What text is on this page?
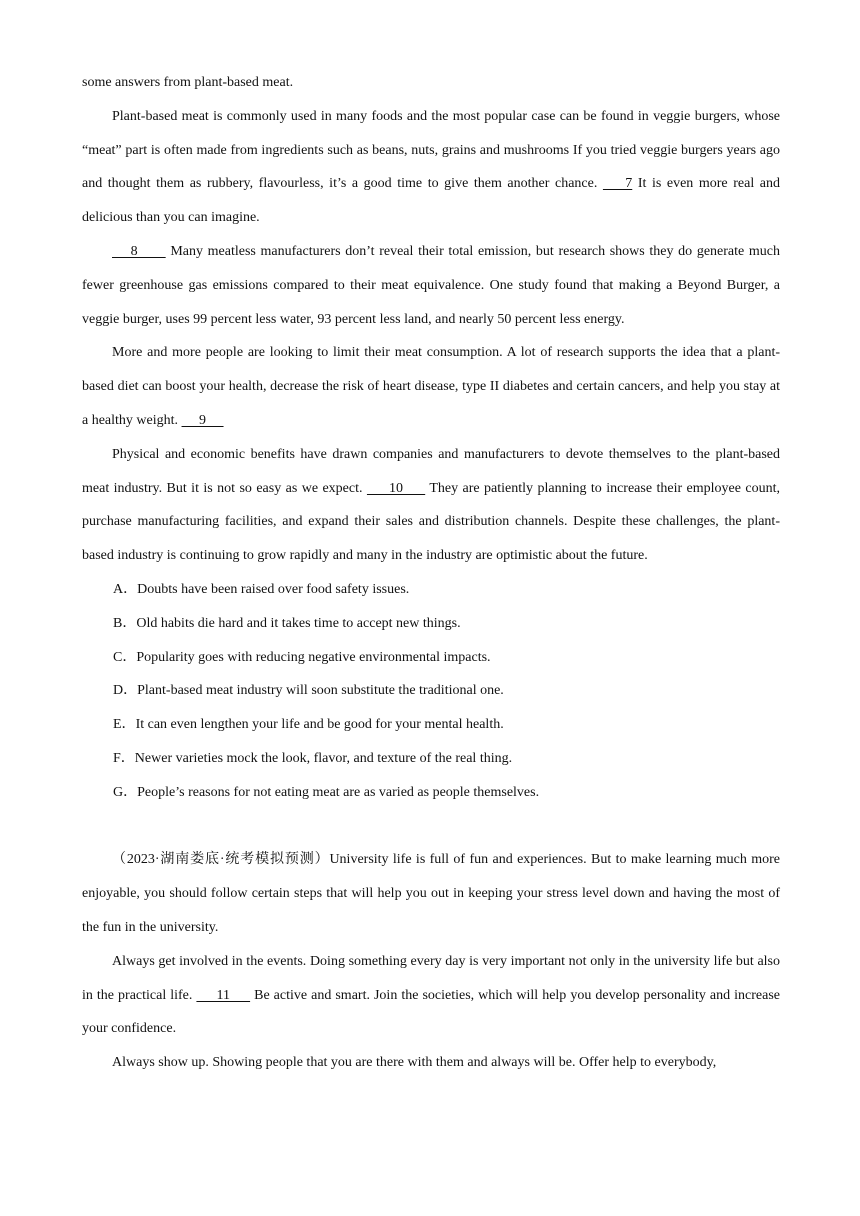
some answers from plant-based meat.

Plant-based meat is commonly used in many foods and the most popular case can be found in veggie burgers, whose “meat” part is often made from ingredients such as beans, nuts, grains and mushrooms If you tried veggie burgers years ago and thought them as rubbery, flavourless, it’s a good time to give them another chance.     7 It is even more real and delicious than you can imagine.

8       Many meatless manufacturers don’t reveal their total emission, but research shows they do generate much fewer greenhouse gas emissions compared to their meat equivalence. One study found that making a Beyond Burger, a veggie burger, uses 99 percent less water, 93 percent less land, and nearly 50 percent less energy.

More and more people are looking to limit their meat consumption. A lot of research supports the idea that a plant-based diet can boost your health, decrease the risk of heart disease, type II diabetes and certain cancers, and help you stay at a healthy weight.      9

Physical and economic benefits have drawn companies and manufacturers to devote themselves to the plant-based meat industry. But it is not so easy as we expect.      10      They are patiently planning to increase their employee count, purchase manufacturing facilities, and expand their sales and distribution channels. Despite these challenges, the plant-based industry is continuing to grow rapidly and many in the industry are optimistic about the future.

A．Doubts have been raised over food safety issues.
B．Old habits die hard and it takes time to accept new things.
C．Popularity goes with reducing negative environmental impacts.
D．Plant-based meat industry will soon substitute the traditional one.
E．It can even lengthen your life and be good for your mental health.
F．Newer varieties mock the look, flavor, and texture of the real thing.
G．People’s reasons for not eating meat are as varied as people themselves.

（2023·湖南娄底·统考模拟预测）University life is full of fun and experiences. But to make learning much more enjoyable, you should follow certain steps that will help you out in keeping your stress level down and having the most of the fun in the university.

Always get involved in the events. Doing something every day is very important not only in the university life but also in the practical life.      11      Be active and smart. Join the societies, which will help you develop personality and increase your confidence.

Always show up. Showing people that you are there with them and always will be. Offer help to everybody,
